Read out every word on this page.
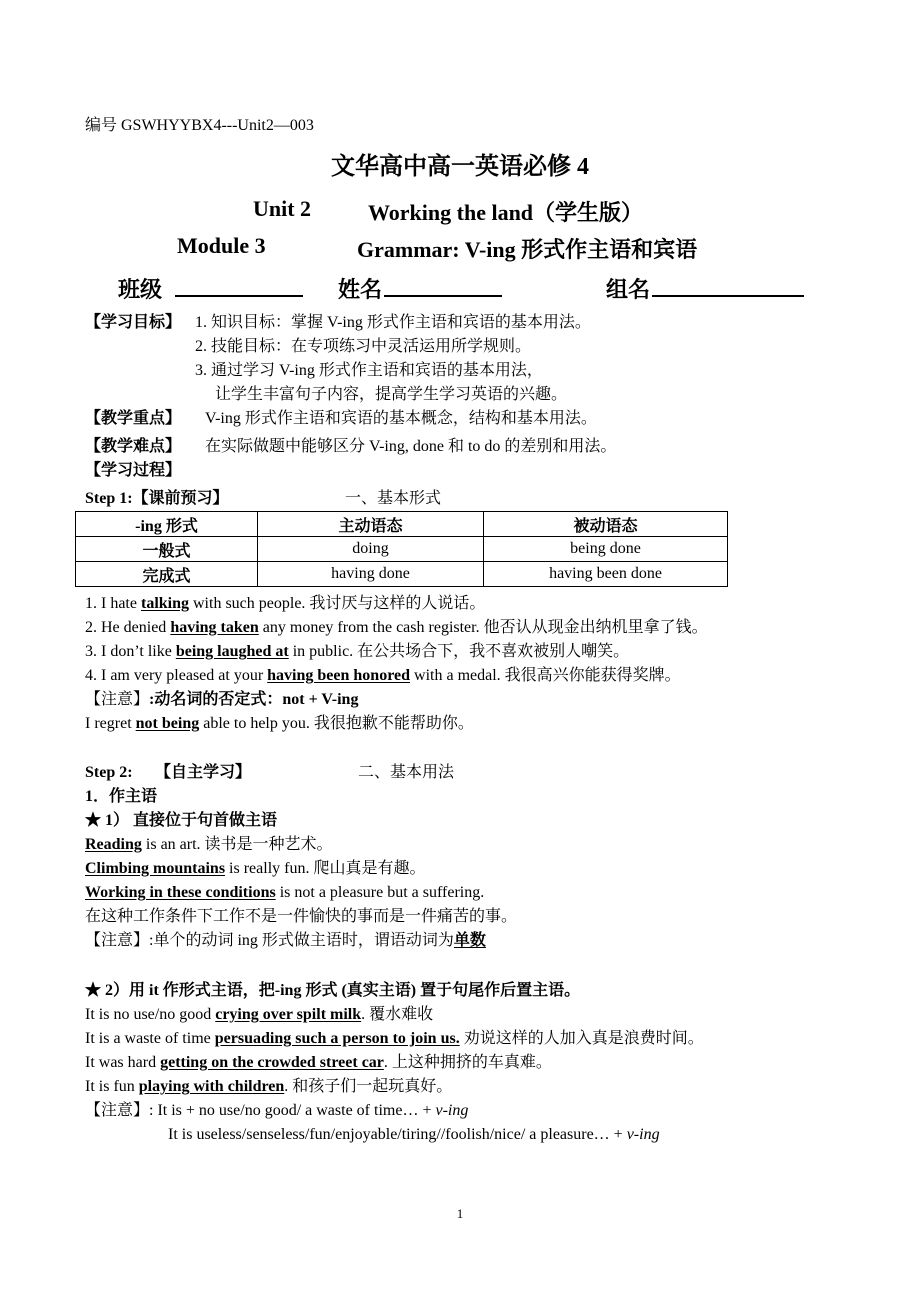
编号 GSWHYYBX4---Unit2—003
文华高中高一英语必修 4
Unit 2	Working the land（学生版）
Module 3	Grammar: V-ing 形式作主语和宾语
班级	姓名	组名
【学习目标】 1. 知识目标：掌握 V-ing 形式作主语和宾语的基本用法。
2. 技能目标：在专项练习中灵活运用所学规则。
3. 通过学习 V-ing 形式作主语和宾语的基本用法，
让学生丰富句子内容，提高学生学习英语的兴趣。
【教学重点】 V-ing 形式作主语和宾语的基本概念，结构和基本用法。
【教学难点】 在实际做题中能够区分 V-ing, done 和 to do 的差别和用法。
【学习过程】
Step 1:【课前预习】	一、基本形式
-ing 形式	主动语态	被动语态
一般式	doing	being done
完成式	having done	having been done
1. I hate talking with such people. 我讨厌与这样的人说话。
2. He denied having taken any money from the cash register. 他否认从现金出纳机里拿了钱。
3. I don’t like being laughed at in public. 在公共场合下，我不喜欢被别人嘲笑。
4. I am very pleased at your having been honored with a medal. 我很高兴你能获得奖牌。
【注意】:动名词的否定式：not + V-ing
I regret not being able to help you. 我很抱歉不能帮助你。
Step 2: 【自主学习】	二、基本用法
1．作主语
★ 1） 直接位于句首做主语
Reading is an art. 读书是一种艺术。
Climbing mountains is really fun. 爬山真是有趣。
Working in these conditions is not a pleasure but a suffering.
在这种工作条件下工作不是一件愉快的事而是一件痛苦的事。
【注意】:单个的动词 ing 形式做主语时，谓语动词为单数
★ 2）用 it 作形式主语，把-ing 形式 (真实主语) 置于句尾作后置主语。
It is no use/no good crying over spilt milk. 覆水难收
It is a waste of time persuading such a person to join us. 劝说这样的人加入真是浪费时间。
It was hard getting on the crowded street car. 上这种拥挤的车真难。
It is fun playing with children. 和孩子们一起玩真好。
【注意】: It is + no use/no good/ a waste of time… + v-ing
It is useless/senseless/fun/enjoyable/tiring//foolish/nice/ a pleasure… + v-ing
1
